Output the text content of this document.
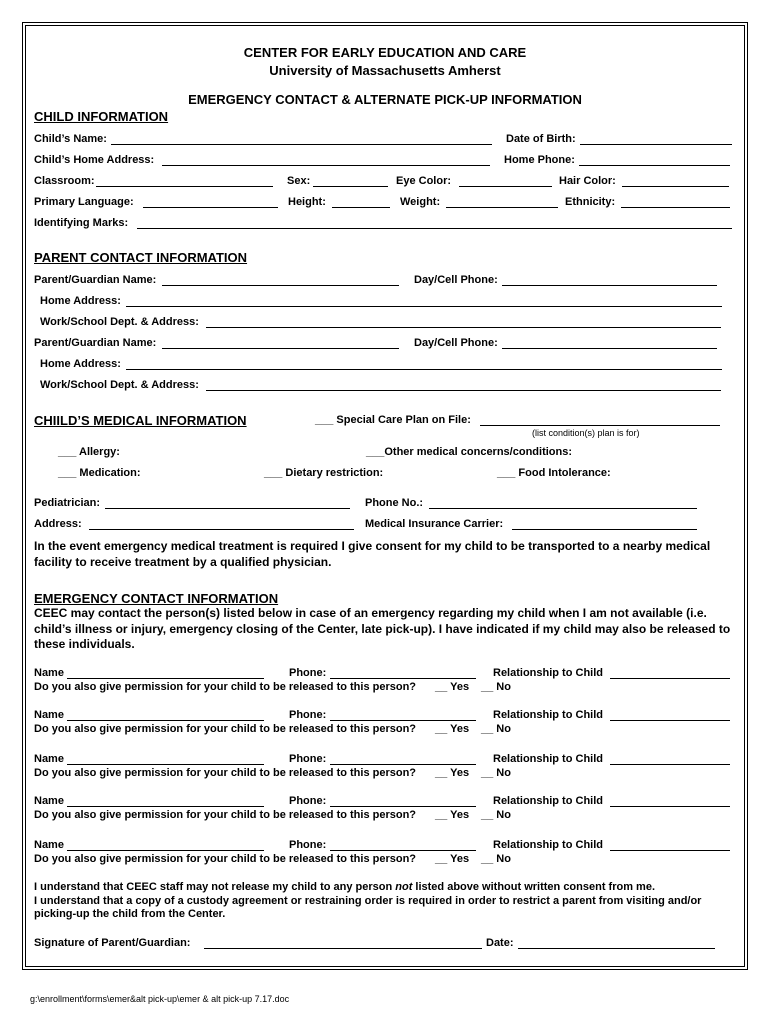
CENTER FOR EARLY EDUCATION AND CARE
University of Massachusetts Amherst
EMERGENCY CONTACT & ALTERNATE PICK-UP INFORMATION
CHILD INFORMATION
Child’s Name:	Date of Birth:
Child’s Home Address:	Home Phone:
Classroom:	Sex:	Eye Color:	Hair Color:
Primary Language:	Height:	Weight:	Ethnicity:
Identifying Marks:
PARENT CONTACT INFORMATION
Parent/Guardian Name:	Day/Cell Phone:
Home Address:
Work/School Dept. & Address:
Parent/Guardian Name:	Day/Cell Phone:
Home Address:
Work/School Dept. & Address:
CHIILD’S MEDICAL INFORMATION	___ Special Care Plan on File:
(list condition(s) plan is for)
___ Allergy:	___Other medical concerns/conditions:
___ Medication:	___ Dietary restriction:	___ Food Intolerance:
Pediatrician:	Phone No.:
Address:	Medical Insurance Carrier:
In the event emergency medical treatment is required I give consent for my child to be transported to a nearby medical facility to receive treatment by a qualified physician.
EMERGENCY CONTACT INFORMATION
CEEC may contact the person(s) listed below in case of an emergency regarding my child when I am not available (i.e. child’s illness or injury, emergency closing of the Center, late pick-up). I have indicated if my child may also be released to these individuals.
Name	Phone:	Relationship to Child
Do you also give permission for your child to be released to this person? __ Yes __ No
Name	Phone:	Relationship to Child
Do you also give permission for your child to be released to this person? __ Yes __ No
Name	Phone:	Relationship to Child
Do you also give permission for your child to be released to this person? __ Yes __ No
Name	Phone:	Relationship to Child
Do you also give permission for your child to be released to this person? __ Yes __ No
Name	Phone:	Relationship to Child
Do you also give permission for your child to be released to this person? __ Yes __ No
I understand that CEEC staff may not release my child to any person not listed above without written consent from me.
I understand that a copy of a custody agreement or restraining order is required in order to restrict a parent from visiting and/or picking-up the child from the Center.
Signature of Parent/Guardian:	Date:
g:\enrollment\forms\emer&alt pick-up\emer & alt pick-up 7.17.doc
